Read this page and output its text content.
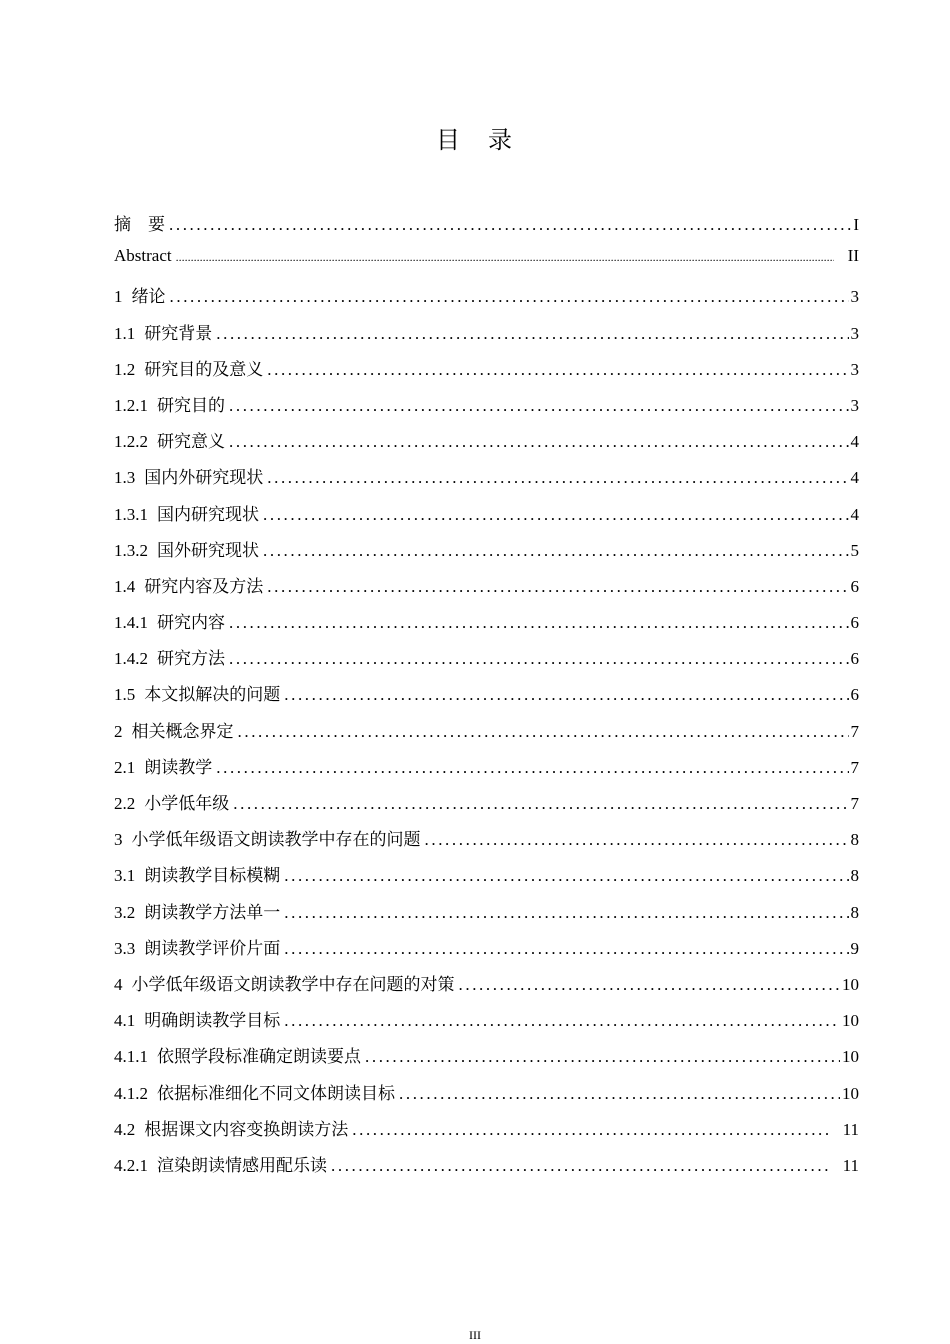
目　录
摘　要 .....	I
Abstract .....	II
1 绪论 .....	3
1.1 研究背景 .....	3
1.2 研究目的及意义 .....	3
1.2.1 研究目的 .....	3
1.2.2 研究意义 .....	4
1.3 国内外研究现状 .....	4
1.3.1 国内研究现状 .....	4
1.3.2 国外研究现状 .....	5
1.4 研究内容及方法 .....	6
1.4.1 研究内容 .....	6
1.4.2 研究方法 .....	6
1.5 本文拟解决的问题 .....	6
2 相关概念界定 .....	7
2.1 朗读教学 .....	7
2.2 小学低年级 .....	7
3 小学低年级语文朗读教学中存在的问题 .....	8
3.1 朗读教学目标模糊 .....	8
3.2 朗读教学方法单一 .....	8
3.3 朗读教学评价片面 .....	9
4 小学低年级语文朗读教学中存在问题的对策 .....	10
4.1 明确朗读教学目标 .....	10
4.1.1 依照学段标准确定朗读要点 .....	10
4.1.2 依据标准细化不同文体朗读目标 .....	10
4.2 根据课文内容变换朗读方法 .....	11
4.2.1 渲染朗读情感用配乐读 .....	11
III
